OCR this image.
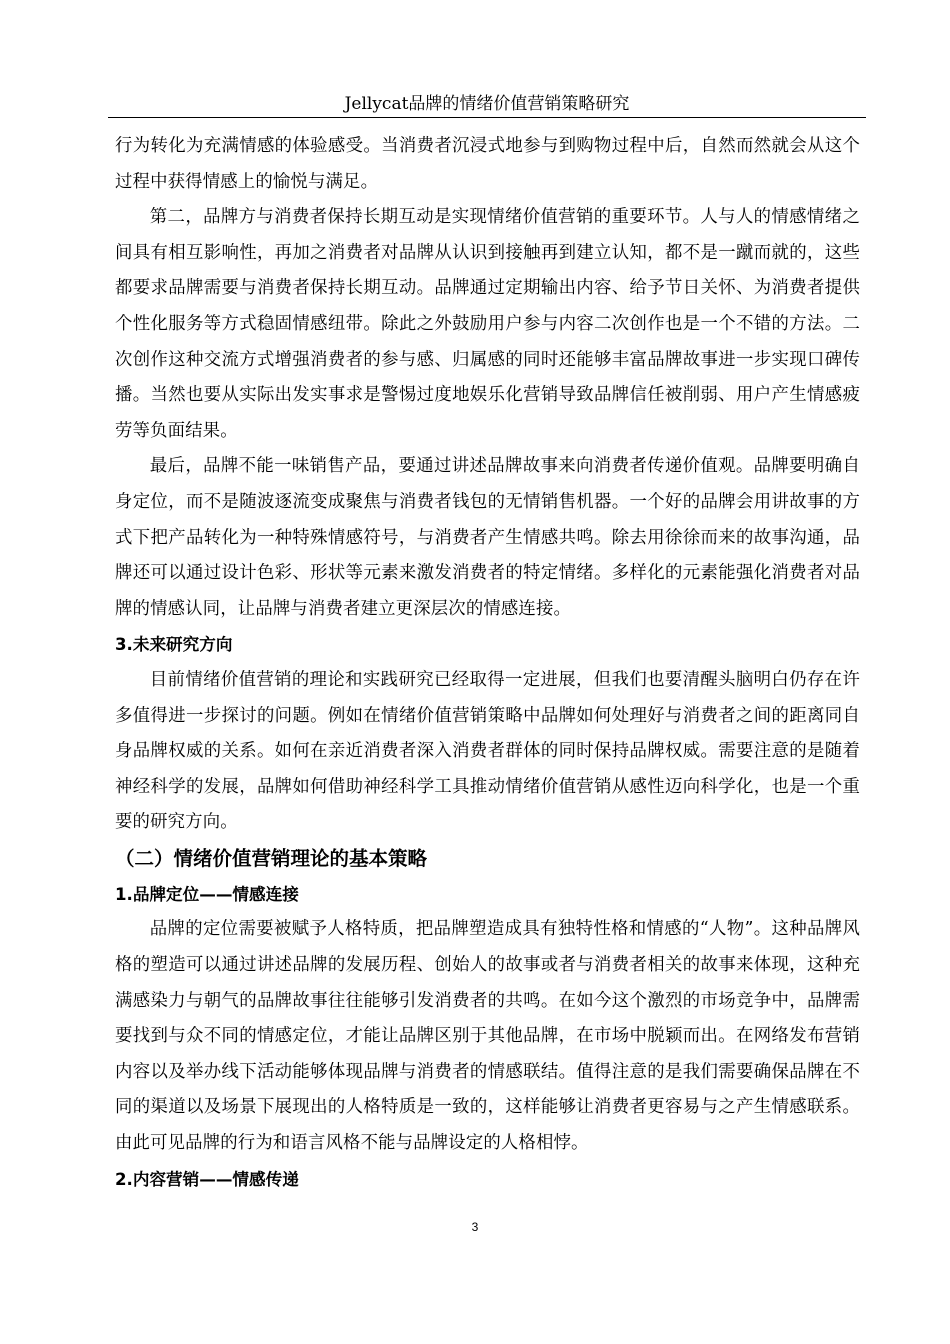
Jellycat品牌的情绪价值营销策略研究

行为转化为充满情感的体验感受。当消费者沉浸式地参与到购物过程中后，自然而然就会从这个过程中获得情感上的愉悦与满足。

第二，品牌方与消费者保持长期互动是实现情绪价值营销的重要环节。人与人的情感情绪之间具有相互影响性，再加之消费者对品牌从认识到接触再到建立认知，都不是一蹴而就的，这些都要求品牌需要与消费者保持长期互动。品牌通过定期输出内容、给予节日关怀、为消费者提供个性化服务等方式稳固情感纽带。除此之外鼓励用户参与内容二次创作也是一个不错的方法。二次创作这种交流方式增强消费者的参与感、归属感的同时还能够丰富品牌故事进一步实现口碑传播。当然也要从实际出发实事求是警惕过度地娱乐化营销导致品牌信任被削弱、用户产生情感疲劳等负面结果。

最后，品牌不能一味销售产品，要通过讲述品牌故事来向消费者传递价值观。品牌要明确自身定位，而不是随波逐流变成聚焦与消费者钱包的无情销售机器。一个好的品牌会用讲故事的方式下把产品转化为一种特殊情感符号，与消费者产生情感共鸣。除去用徐徐而来的故事沟通，品牌还可以通过设计色彩、形状等元素来激发消费者的特定情绪。多样化的元素能强化消费者对品牌的情感认同，让品牌与消费者建立更深层次的情感连接。

3.未来研究方向

目前情绪价值营销的理论和实践研究已经取得一定进展，但我们也要清醒头脑明白仍存在许多值得进一步探讨的问题。例如在情绪价值营销策略中品牌如何处理好与消费者之间的距离同自身品牌权威的关系。如何在亲近消费者深入消费者群体的同时保持品牌权威。需要注意的是随着神经科学的发展，品牌如何借助神经科学工具推动情绪价值营销从感性迈向科学化，也是一个重要的研究方向。

（二）情绪价值营销理论的基本策略

1.品牌定位——情感连接

品牌的定位需要被赋予人格特质，把品牌塑造成具有独特性格和情感的“人物”。这种品牌风格的塑造可以通过讲述品牌的发展历程、创始人的故事或者与消费者相关的故事来体现，这种充满感染力与朝气的品牌故事往往能够引发消费者的共鸣。在如今这个激烈的市场竞争中，品牌需要找到与众不同的情感定位，才能让品牌区别于其他品牌，在市场中脱颖而出。在网络发布营销内容以及举办线下活动能够体现品牌与消费者的情感联结。值得注意的是我们需要确保品牌在不同的渠道以及场景下展现出的人格特质是一致的，这样能够让消费者更容易与之产生情感联系。由此可见品牌的行为和语言风格不能与品牌设定的人格相悖。

2.内容营销——情感传递

3
